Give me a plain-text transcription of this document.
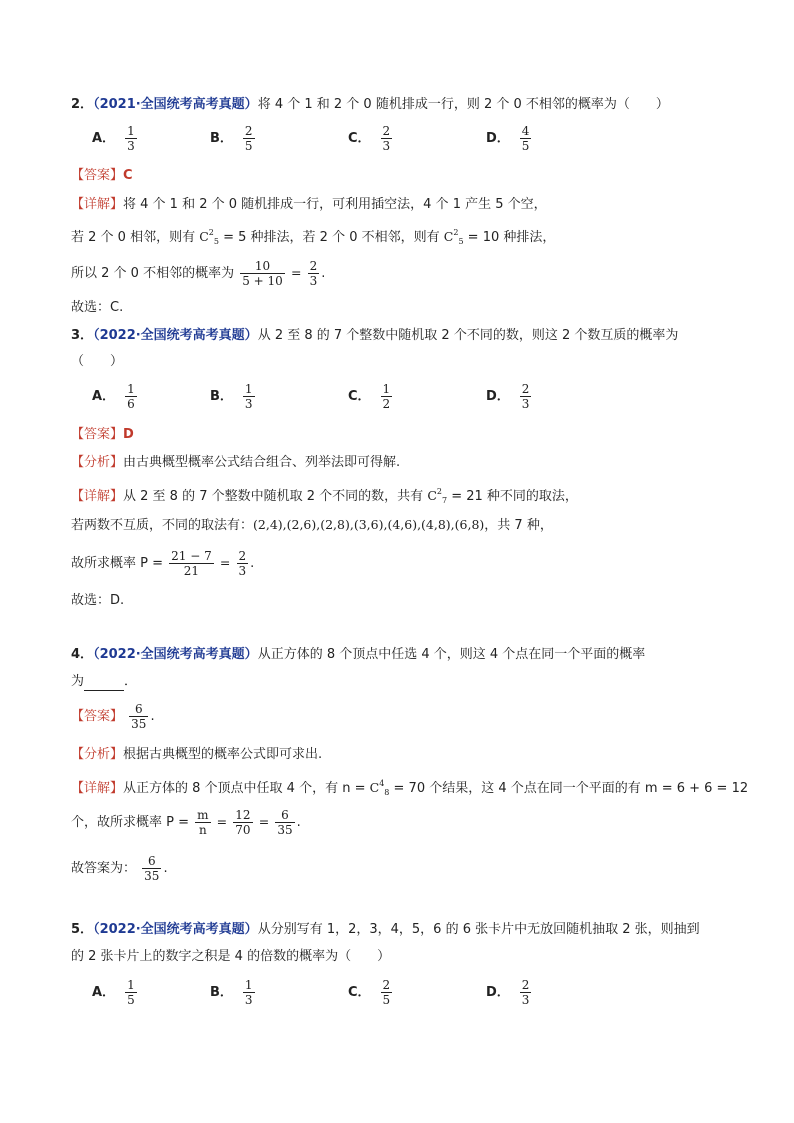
2．（2021·全国统考高考真题）将 4 个 1 和 2 个 0 随机排成一行，则 2 个 0 不相邻的概率为（　　）
A． $\frac{1}{3}$	B． $\frac{2}{5}$	C． $\frac{2}{3}$	D． $\frac{4}{5}$
【答案】C
【详解】将 4 个 1 和 2 个 0 随机排成一行，可利用插空法，4 个 1 产生 5 个空，
若 2 个 0 相邻，则有 $C^2_5 = 5$ 种排法，若 2 个 0 不相邻，则有 $C^2_5 = 10$ 种排法，
所以 2 个 0 不相邻的概率为 $\frac{10}{5 + 10} = \frac{2}{3}$ .
故选：C.
3．（2022·全国统考高考真题）从 2 至 8 的 7 个整数中随机取 2 个不同的数，则这 2 个数互质的概率为
（　　）
A． $\frac{1}{6}$	B． $\frac{1}{3}$	C． $\frac{1}{2}$	D． $\frac{2}{3}$
【答案】D
【分析】由古典概型概率公式结合组合、列举法即可得解.
【详解】从 2 至 8 的 7 个整数中随机取 2 个不同的数，共有 $C^2_7 = 21$ 种不同的取法，
若两数不互质，不同的取法有：(2,4),(2,6),(2,8),(3,6),(4,6),(4,8),(6,8)，共 7 种，
故所求概率 $P = \frac{21 - 7}{21} = \frac{2}{3}$ .
故选：D.
4．（2022·全国统考高考真题）从正方体的 8 个顶点中任选 4 个，则这 4 个点在同一个平面的概率
为	．
【答案】 $\frac{6}{35}$ .
【分析】根据古典概型的概率公式即可求出.
【详解】从正方体的 8 个顶点中任取 4 个，有 $n = C^4_8 = 70$ 个结果，这 4 个点在同一个平面的有 m = 6 + 6 = 12
个，故所求概率 $P = \frac{m}{n} = \frac{12}{70} = \frac{6}{35}$ .
故答案为： $\frac{6}{35}$ .
5．（2022·全国统考高考真题）从分别写有 1，2，3，4，5，6 的 6 张卡片中无放回随机抽取 2 张，则抽到
的 2 张卡片上的数字之积是 4 的倍数的概率为（　　）
A． $\frac{1}{5}$	B． $\frac{1}{3}$	C． $\frac{2}{5}$	D． $\frac{2}{3}$
